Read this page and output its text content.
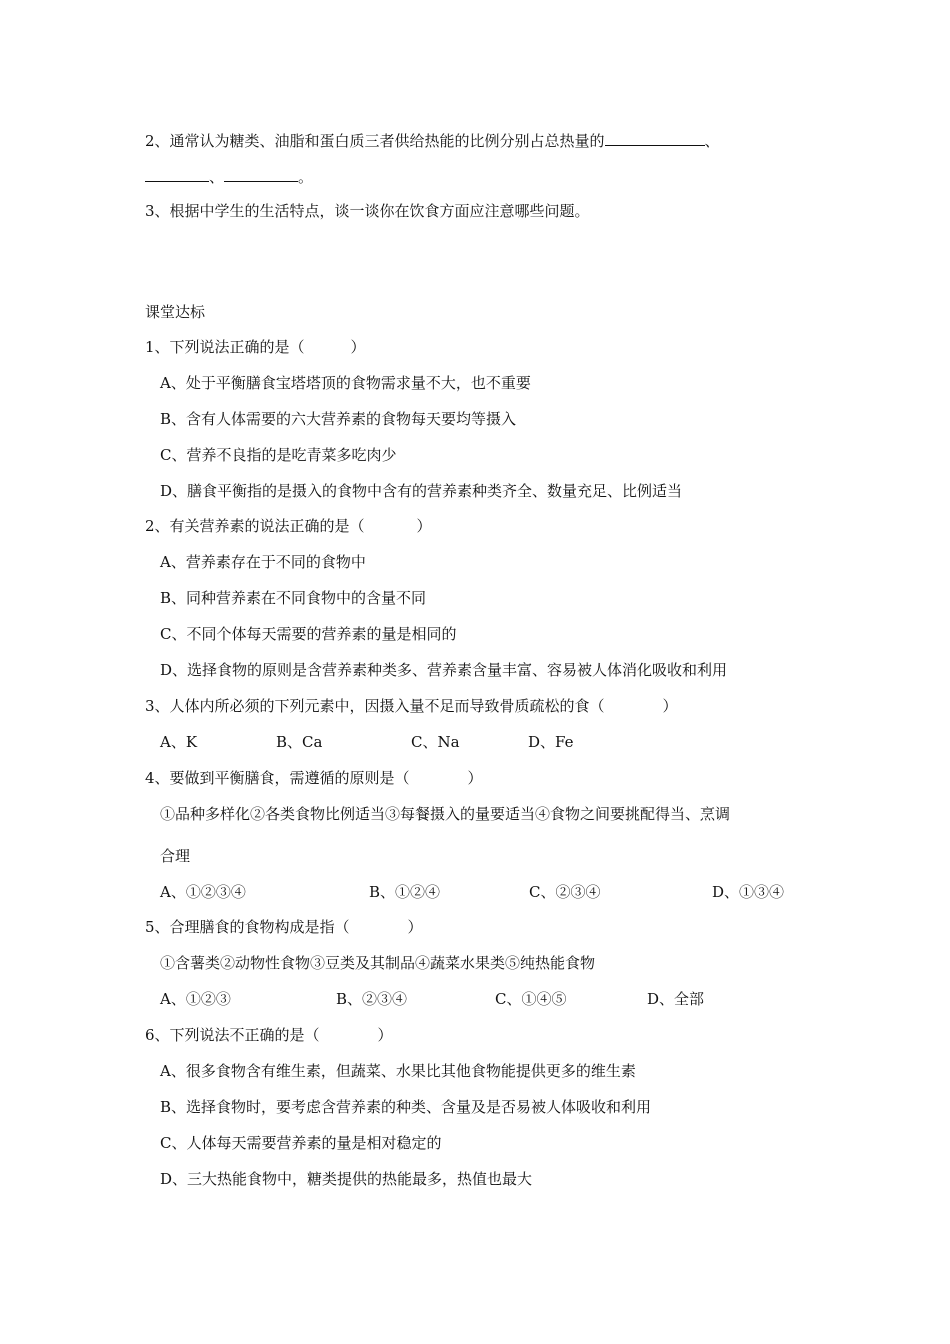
2、通常认为糖类、油脂和蛋白质三者供给热能的比例分别占总热量的	、
、	。
3、根据中学生的生活特点，谈一谈你在饮食方面应注意哪些问题。
课堂达标
1、下列说法正确的是（	）
A、处于平衡膳食宝塔塔顶的食物需求量不大，也不重要
B、含有人体需要的六大营养素的食物每天要均等摄入
C、营养不良指的是吃青菜多吃肉少
D、膳食平衡指的是摄入的食物中含有的营养素种类齐全、数量充足、比例适当
2、有关营养素的说法正确的是（	）
A、营养素存在于不同的食物中
B、同种营养素在不同食物中的含量不同
C、不同个体每天需要的营养素的量是相同的
D、选择食物的原则是含营养素种类多、营养素含量丰富、容易被人体消化吸收和利用
3、人体内所必须的下列元素中，因摄入量不足而导致骨质疏松的食（	）
A、K	B、Ca	C、Na	D、Fe
4、要做到平衡膳食，需遵循的原则是（	）
①品种多样化②各类食物比例适当③每餐摄入的量要适当④食物之间要挑配得当、烹调
合理
A、①②③④	B、①②④	C、②③④	D、①③④
5、合理膳食的食物构成是指（	）
①含薯类②动物性食物③豆类及其制品④蔬菜水果类⑤纯热能食物
A、①②③	B、②③④	C、①④⑤	D、全部
6、下列说法不正确的是（	）
A、很多食物含有维生素，但蔬菜、水果比其他食物能提供更多的维生素
B、选择食物时，要考虑含营养素的种类、含量及是否易被人体吸收和利用
C、人体每天需要营养素的量是相对稳定的
D、三大热能食物中，糖类提供的热能最多，热值也最大
